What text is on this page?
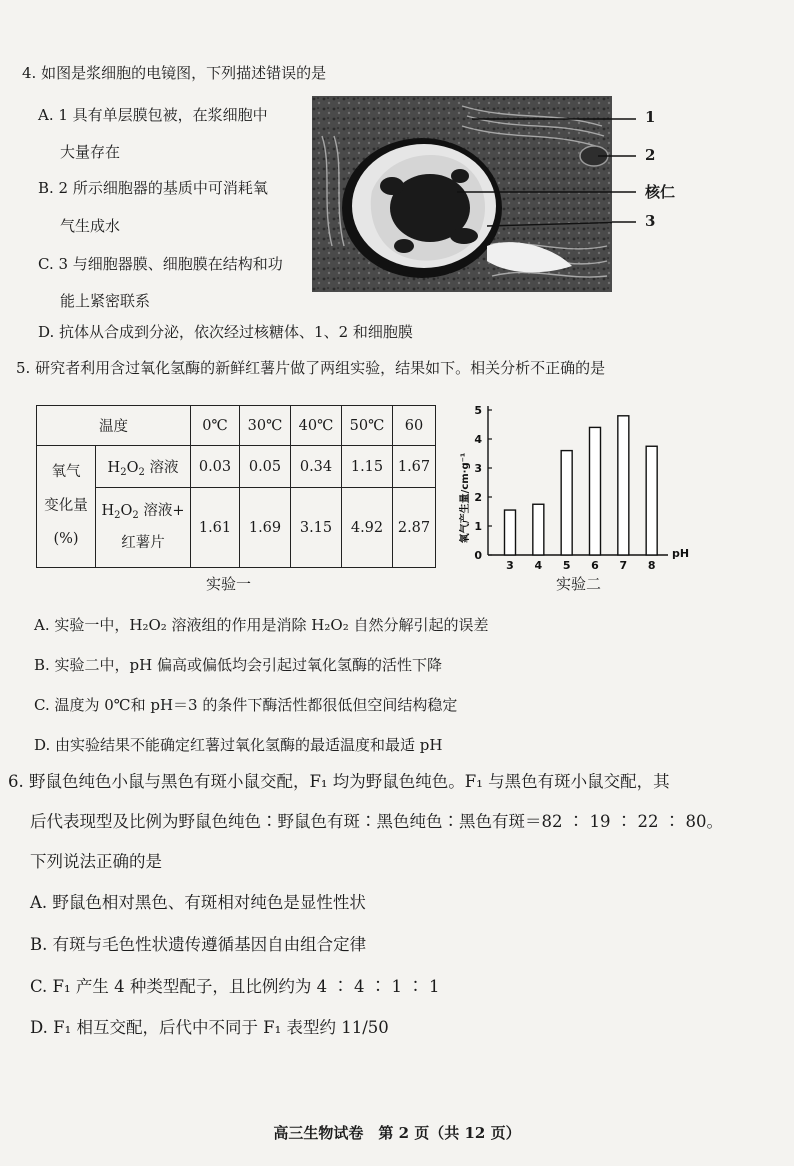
4. 如图是浆细胞的电镜图，下列描述错误的是
A. 1 具有单层膜包被，在浆细胞中
大量存在
B. 2 所示细胞器的基质中可消耗氧
气生成水
C. 3 与细胞器膜、细胞膜在结构和功
能上紧密联系
D. 抗体从合成到分泌，依次经过核糖体、1、2 和细胞膜
1
2
核仁
3
5. 研究者利用含过氧化氢酶的新鲜红薯片做了两组实验，结果如下。相关分析不正确的是
温度		0℃	30℃	40℃	50℃	60
氧气
变化量
(%)	$H_2O_2$ 溶液	0.03	0.05	0.34	1.15	1.67
	$H_2O_2$ 溶液+
红薯片	1.61	1.69	3.15	4.92	2.87
实验一
氧气产生量/cm·g⁻¹
0
1
2
3
4
5
3 4 5 6 7 8
pH
实验二
A. 实验一中，H₂O₂ 溶液组的作用是消除 H₂O₂ 自然分解引起的误差
B. 实验二中，pH 偏高或偏低均会引起过氧化氢酶的活性下降
C. 温度为 0℃和 pH＝3 的条件下酶活性都很低但空间结构稳定
D. 由实验结果不能确定红薯过氧化氢酶的最适温度和最适 pH
6. 野鼠色纯色小鼠与黑色有斑小鼠交配，F₁ 均为野鼠色纯色。F₁ 与黑色有斑小鼠交配，其
后代表现型及比例为野鼠色纯色∶野鼠色有斑∶黑色纯色∶黑色有斑＝82 ∶ 19 ∶ 22 ∶ 80。
下列说法正确的是
A. 野鼠色相对黑色、有斑相对纯色是显性性状
B. 有斑与毛色性状遗传遵循基因自由组合定律
C. F₁ 产生 4 种类型配子，且比例约为 4 ∶ 4 ∶ 1 ∶ 1
D. F₁ 相互交配，后代中不同于 F₁ 表型约 11/50
高三生物试卷　第 2 页（共 12 页）
